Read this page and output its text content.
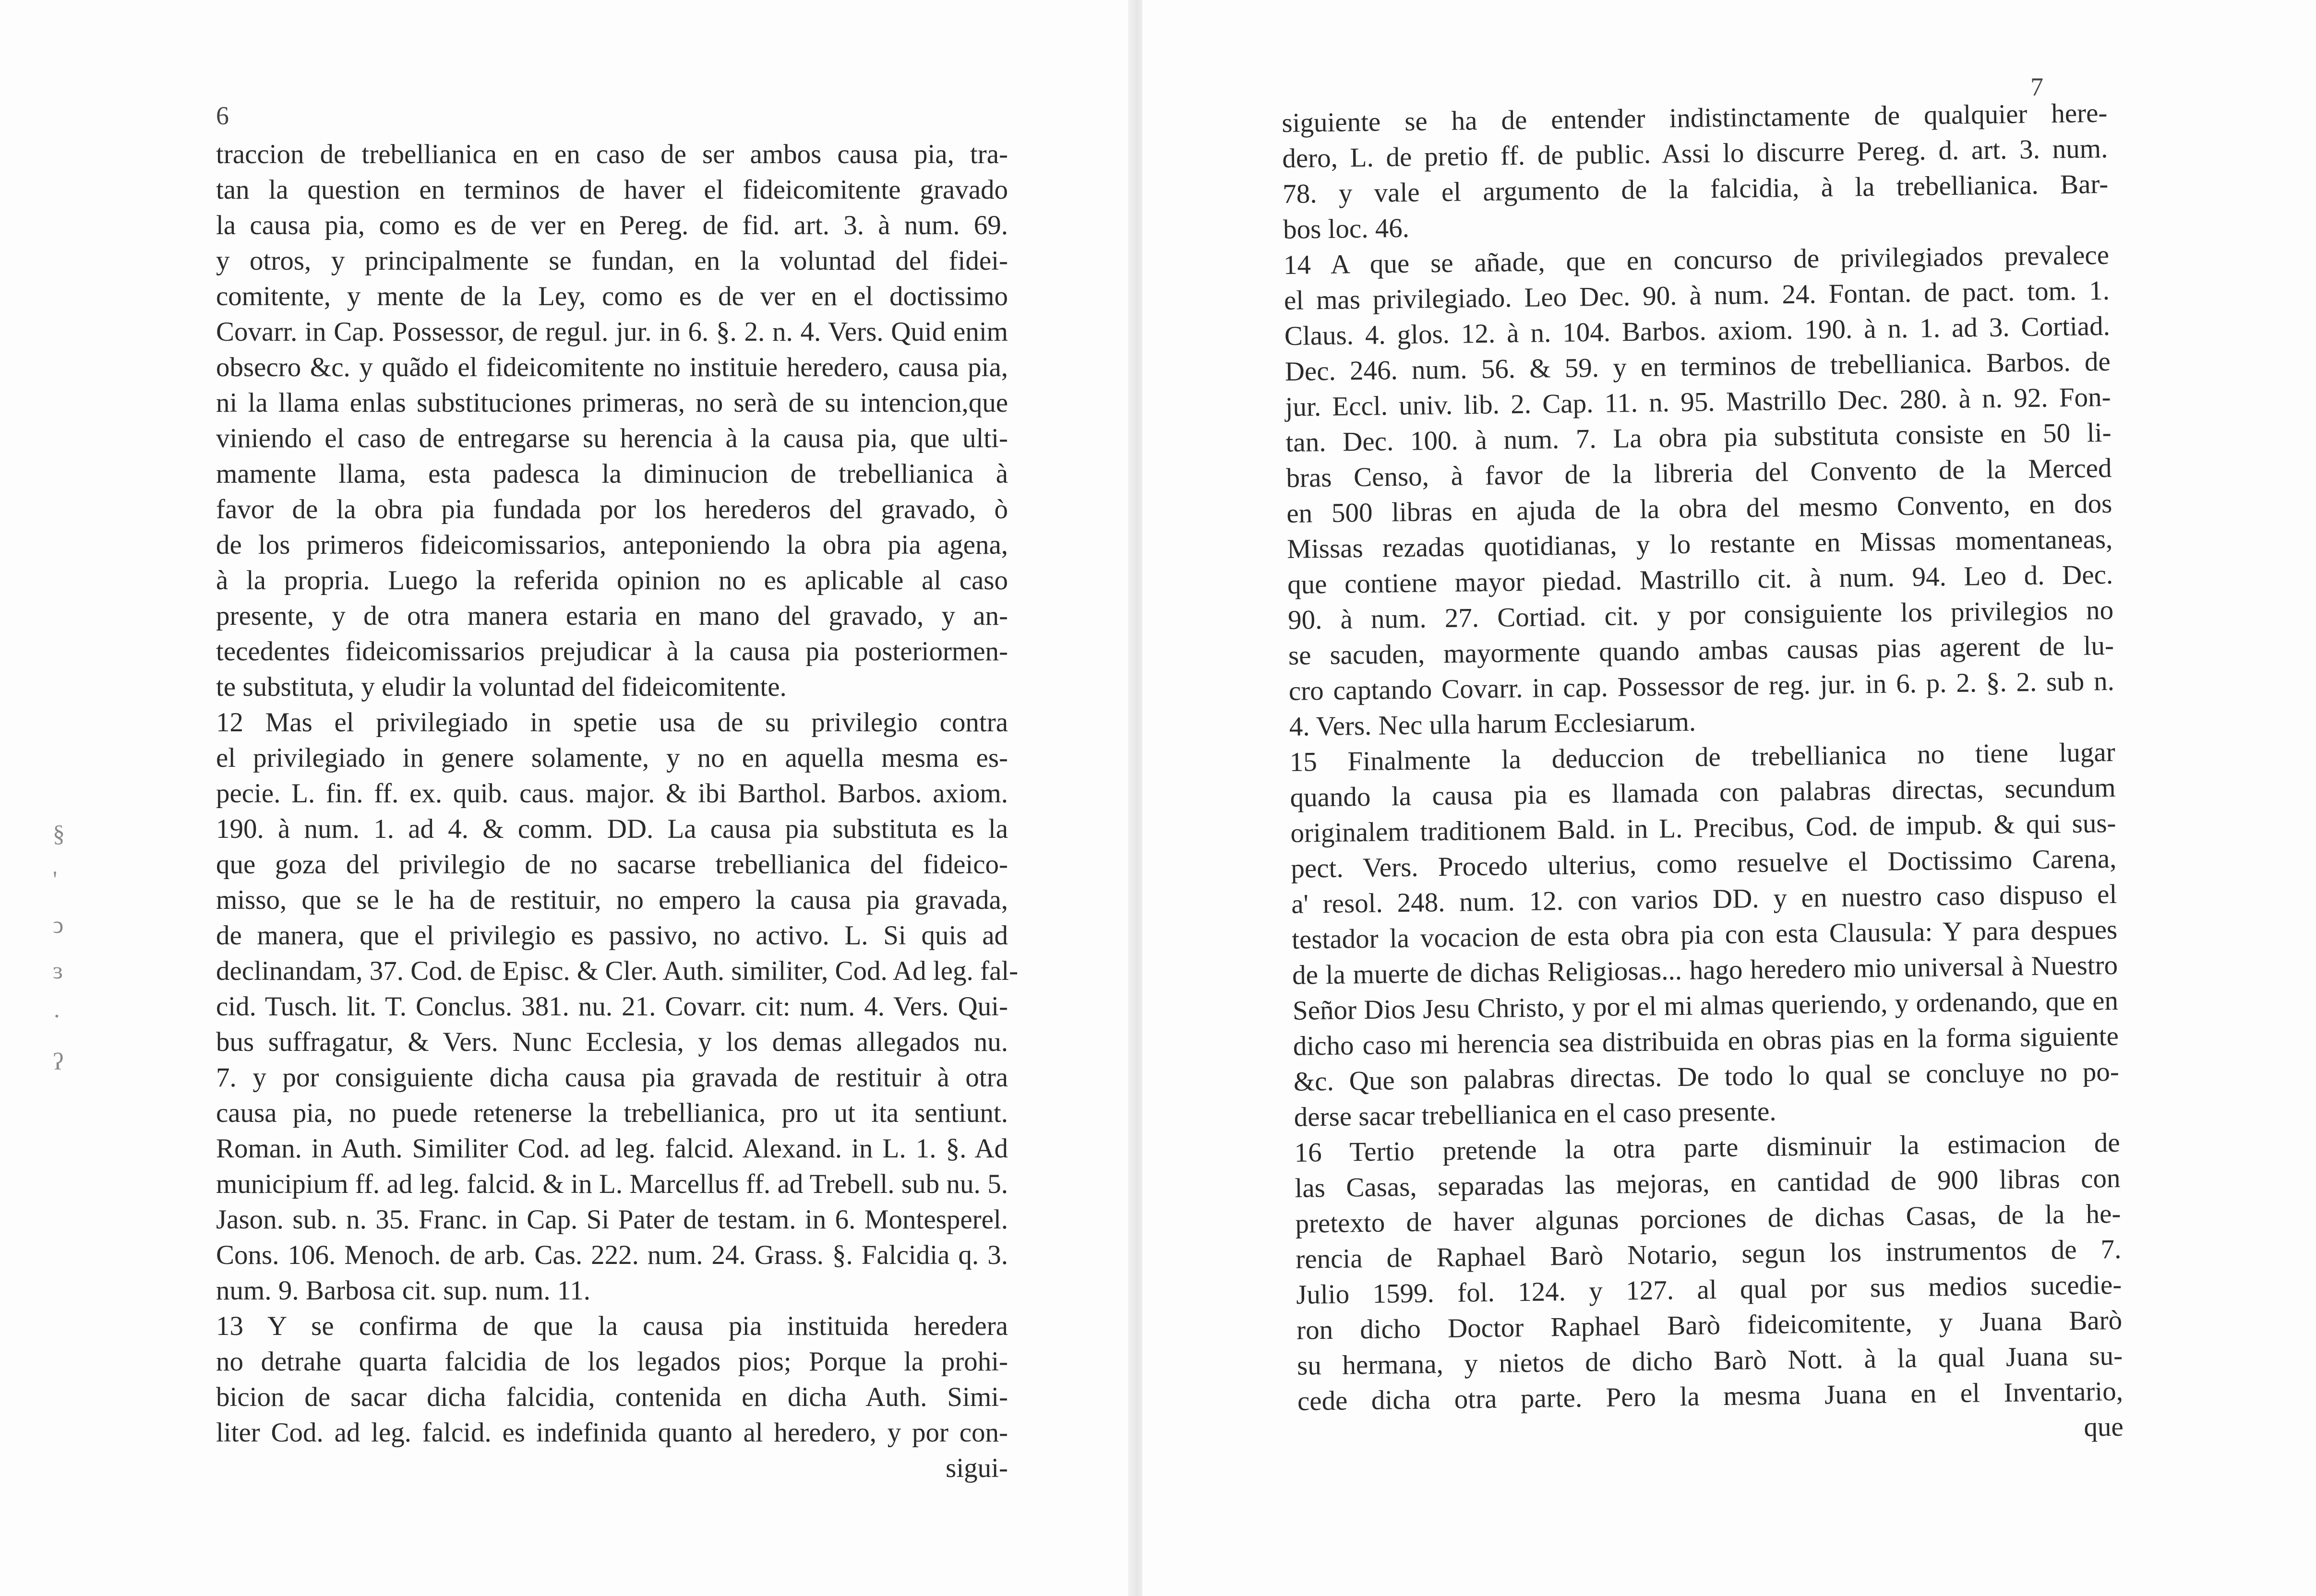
6
traccion de trebellianica en en caso de ser ambos causa pia, tra-
tan la question en terminos de haver el fideicomitente gravado
la causa pia, como es de ver en Pereg. de fid. art. 3. à num. 69.
y otros, y principalmente se fundan, en la voluntad del fidei-
comitente, y mente de la Ley, como es de ver en el doctissimo
Covarr. in Cap. Possessor, de regul. jur. in 6. §. 2. n. 4. Vers. Quid enim
obsecro &c. y quãdo el fideicomitente no instituie heredero, causa pia,
ni la llama enlas substituciones primeras, no serà de su intencion,que
viniendo el caso de entregarse su herencia à la causa pia, que ulti-
mamente llama, esta padesca la diminucion de trebellianica à
favor de la obra pia fundada por los herederos del gravado, ò
de los primeros fideicomissarios, anteponiendo la obra pia agena,
à la propria. Luego la referida opinion no es aplicable al caso
presente, y de otra manera estaria en mano del gravado, y an-
tecedentes fideicomissarios prejudicar à la causa pia posteriormen-
te substituta, y eludir la voluntad del fideicomitente.
12 Mas el privilegiado in spetie usa de su privilegio contra
el privilegiado in genere solamente, y no en aquella mesma es-
pecie. L. fin. ff. ex. quib. caus. major. & ibi Barthol. Barbos. axiom.
190. à num. 1. ad 4. & comm. DD. La causa pia substituta es la
que goza del privilegio de no sacarse trebellianica del fideico-
misso, que se le ha de restituir, no empero la causa pia gravada,
de manera, que el privilegio es passivo, no activo. L. Si quis ad
declinandam, 37. Cod. de Episc. & Cler. Auth. similiter, Cod. Ad leg. fal-
cid. Tusch. lit. T. Conclus. 381. nu. 21. Covarr. cit: num. 4. Vers. Qui-
bus suffragatur, & Vers. Nunc Ecclesia, y los demas allegados nu.
7. y por consiguiente dicha causa pia gravada de restituir à otra
causa pia, no puede retenerse la trebellianica, pro ut ita sentiunt.
Roman. in Auth. Similiter Cod. ad leg. falcid. Alexand. in L. 1. §. Ad
municipium ff. ad leg. falcid. & in L. Marcellus ff. ad Trebell. sub nu. 5.
Jason. sub. n. 35. Franc. in Cap. Si Pater de testam. in 6. Montesperel.
Cons. 106. Menoch. de arb. Cas. 222. num. 24. Grass. §. Falcidia q. 3.
num. 9. Barbosa cit. sup. num. 11.
13 Y se confirma de que la causa pia instituida heredera
no detrahe quarta falcidia de los legados pios; Porque la prohi-
bicion de sacar dicha falcidia, contenida en dicha Auth. Simi-
liter Cod. ad leg. falcid. es indefinida quanto al heredero, y por con-
sigui-
§
'
ↄ
ɜ
·
ʔ
7
siguiente se ha de entender indistinctamente de qualquier here-
dero, L. de pretio ff. de public. Assi lo discurre Pereg. d. art. 3. num.
78. y vale el argumento de la falcidia, à la trebellianica. Bar-
bos loc. 46.
14 A que se añade, que en concurso de privilegiados prevalece
el mas privilegiado. Leo Dec. 90. à num. 24. Fontan. de pact. tom. 1.
Claus. 4. glos. 12. à n. 104. Barbos. axiom. 190. à n. 1. ad 3. Cortiad.
Dec. 246. num. 56. & 59. y en terminos de trebellianica. Barbos. de
jur. Eccl. univ. lib. 2. Cap. 11. n. 95. Mastrillo Dec. 280. à n. 92. Fon-
tan. Dec. 100. à num. 7. La obra pia substituta consiste en 50 li-
bras Censo, à favor de la libreria del Convento de la Merced
en 500 libras en ajuda de la obra del mesmo Convento, en dos
Missas rezadas quotidianas, y lo restante en Missas momentaneas,
que contiene mayor piedad. Mastrillo cit. à num. 94. Leo d. Dec.
90. à num. 27. Cortiad. cit. y por consiguiente los privilegios no
se sacuden, mayormente quando ambas causas pias agerent de lu-
cro captando Covarr. in cap. Possessor de reg. jur. in 6. p. 2. §. 2. sub n.
4. Vers. Nec ulla harum Ecclesiarum.
15 Finalmente la deduccion de trebellianica no tiene lugar
quando la causa pia es llamada con palabras directas, secundum
originalem traditionem Bald. in L. Precibus, Cod. de impub. & qui sus-
pect. Vers. Procedo ulterius, como resuelve el Doctissimo Carena,
a' resol. 248. num. 12. con varios DD. y en nuestro caso dispuso el
testador la vocacion de esta obra pia con esta Clausula: Y para despues
de la muerte de dichas Religiosas... hago heredero mio universal à Nuestro
Señor Dios Jesu Christo, y por el mi almas queriendo, y ordenando, que en
dicho caso mi herencia sea distribuida en obras pias en la forma siguiente
&c. Que son palabras directas. De todo lo qual se concluye no po-
derse sacar trebellianica en el caso presente.
16 Tertio pretende la otra parte disminuir la estimacion de
las Casas, separadas las mejoras, en cantidad de 900 libras con
pretexto de haver algunas porciones de dichas Casas, de la he-
rencia de Raphael Barò Notario, segun los instrumentos de 7.
Julio 1599. fol. 124. y 127. al qual por sus medios sucedie-
ron dicho Doctor Raphael Barò fideicomitente, y Juana Barò
su hermana, y nietos de dicho Barò Nott. à la qual Juana su-
cede dicha otra parte. Pero la mesma Juana en el Inventario,
que
